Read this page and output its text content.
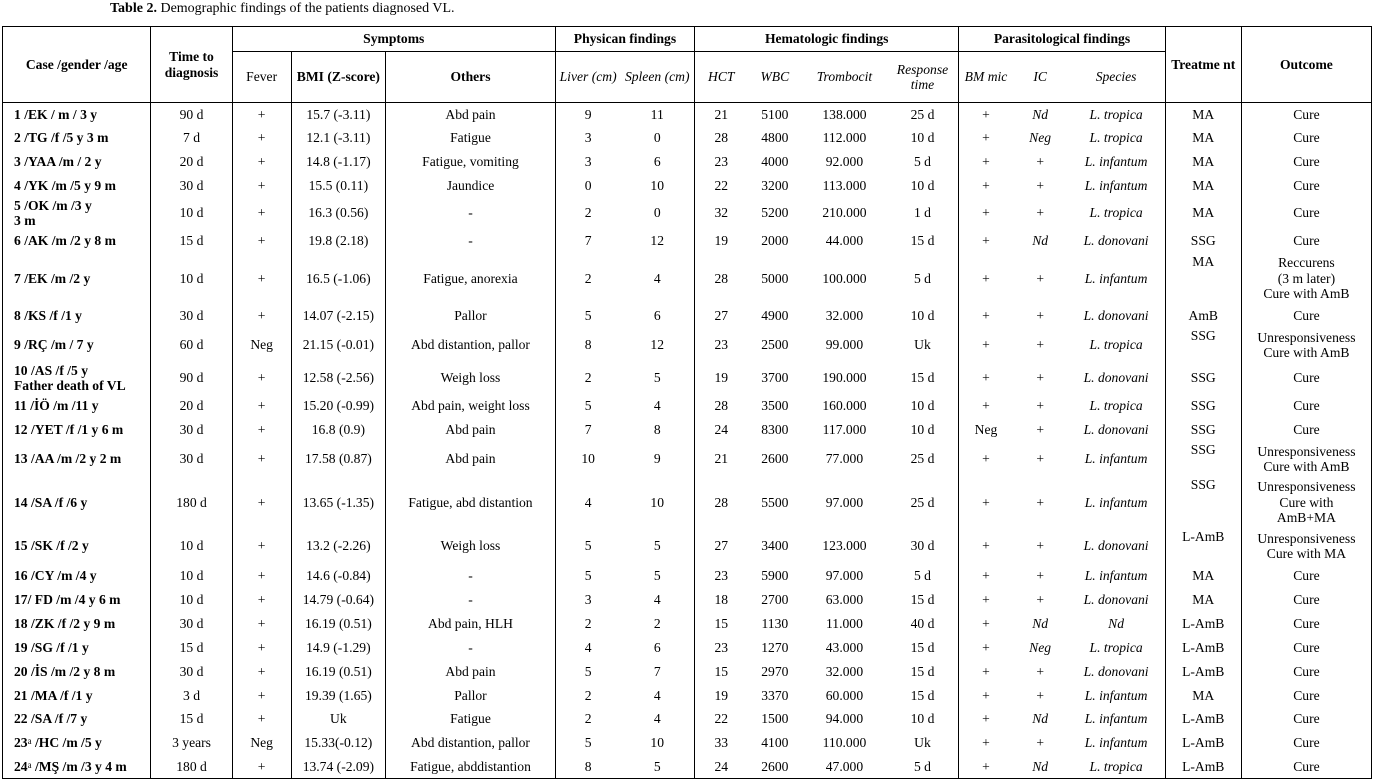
Table 2. Demographic findings of the patients diagnosed VL.
Case /gender /age	Time to diagnosis	Symptoms			Physican findings		Hematologic findings				Parasitological findings			Treatme nt	Outcome
		Fever	BMI (Z-score)	Others	Liver (cm)	Spleen (cm)	HCT	WBC	Trombocit	Response time	BM mic	IC	Species		
1 /EK / m / 3 y	90 d	+	15.7 (-3.11)	Abd pain	9	11	21	5100	138.000	25 d	+	Nd	L. tropica	MA	Cure
2 /TG /f /5 y 3 m	7 d	+	12.1 (-3.11)	Fatigue	3	0	28	4800	112.000	10 d	+	Neg	L. tropica	MA	Cure
3 /YAA /m / 2 y	20 d	+	14.8 (-1.17)	Fatigue, vomiting	3	6	23	4000	92.000	5 d	+	+	L. infantum	MA	Cure
4 /YK /m /5 y 9 m	30 d	+	15.5 (0.11)	Jaundice	0	10	22	3200	113.000	10 d	+	+	L. infantum	MA	Cure
5 /OK /m /3 y
3 m	10 d	+	16.3 (0.56)	-	2	0	32	5200	210.000	1 d	+	+	L. tropica	MA	Cure
6 /AK /m /2 y 8 m	15 d	+	19.8 (2.18)	-	7	12	19	2000	44.000	15 d	+	Nd	L. donovani	SSG	Cure
7 /EK /m /2 y	10 d	+	16.5 (-1.06)	Fatigue, anorexia	2	4	28	5000	100.000	5 d	+	+	L. infantum	MA	Reccurens
(3 m later)
Cure with AmB
8 /KS /f /1 y	30 d	+	14.07 (-2.15)	Pallor	5	6	27	4900	32.000	10 d	+	+	L. donovani	AmB	Cure
9 /RÇ /m / 7 y	60 d	Neg	21.15 (-0.01)	Abd distantion, pallor	8	12	23	2500	99.000	Uk	+	+	L. tropica	SSG	Unresponsiveness
Cure with AmB
10 /AS /f /5 y
Father death of VL	90 d	+	12.58 (-2.56)	Weigh loss	2	5	19	3700	190.000	15 d	+	+	L. donovani	SSG	Cure
11 /İÖ /m /11 y	20 d	+	15.20 (-0.99)	Abd pain, weight loss	5	4	28	3500	160.000	10 d	+	+	L. tropica	SSG	Cure
12 /YET /f /1 y 6 m	30 d	+	16.8 (0.9)	Abd pain	7	8	24	8300	117.000	10 d	Neg	+	L. donovani	SSG	Cure
13 /AA /m /2 y 2 m	30 d	+	17.58 (0.87)	Abd pain	10	9	21	2600	77.000	25 d	+	+	L. infantum	SSG	Unresponsiveness
Cure with AmB
14 /SA /f /6 y	180 d	+	13.65 (-1.35)	Fatigue, abd distantion	4	10	28	5500	97.000	25 d	+	+	L. infantum	SSG	Unresponsiveness
Cure with
AmB+MA
15 /SK /f /2 y	10 d	+	13.2 (-2.26)	Weigh loss	5	5	27	3400	123.000	30 d	+	+	L. donovani	L-AmB	Unresponsiveness
Cure with MA
16 /CY /m /4 y	10 d	+	14.6 (-0.84)	-	5	5	23	5900	97.000	5 d	+	+	L. infantum	MA	Cure
17/ FD /m /4 y 6 m	10 d	+	14.79 (-0.64)	-	3	4	18	2700	63.000	15 d	+	+	L. donovani	MA	Cure
18 /ZK /f /2 y 9 m	30 d	+	16.19 (0.51)	Abd pain, HLH	2	2	15	1130	11.000	40 d	+	Nd	Nd	L-AmB	Cure
19 /SG /f /1 y	15 d	+	14.9 (-1.29)	-	4	6	23	1270	43.000	15 d	+	Neg	L. tropica	L-AmB	Cure
20 /İS /m /2 y 8 m	30 d	+	16.19 (0.51)	Abd pain	5	7	15	2970	32.000	15 d	+	+	L. donovani	L-AmB	Cure
21 /MA /f /1 y	3 d	+	19.39 (1.65)	Pallor	2	4	19	3370	60.000	15 d	+	+	L. infantum	MA	Cure
22 /SA /f /7 y	15 d	+	Uk	Fatigue	2	4	22	1500	94.000	10 d	+	Nd	L. infantum	L-AmB	Cure
23$^a$ /HC /m /5 y	3 years	Neg	15.33(-0.12)	Abd distantion, pallor	5	10	33	4100	110.000	Uk	+	+	L. infantum	L-AmB	Cure
24$^a$ /MŞ /m /3 y 4 m	180 d	+	13.74 (-2.09)	Fatigue, abddistantion	8	5	24	2600	47.000	5 d	+	Nd	L. tropica	L-AmB	Cure
